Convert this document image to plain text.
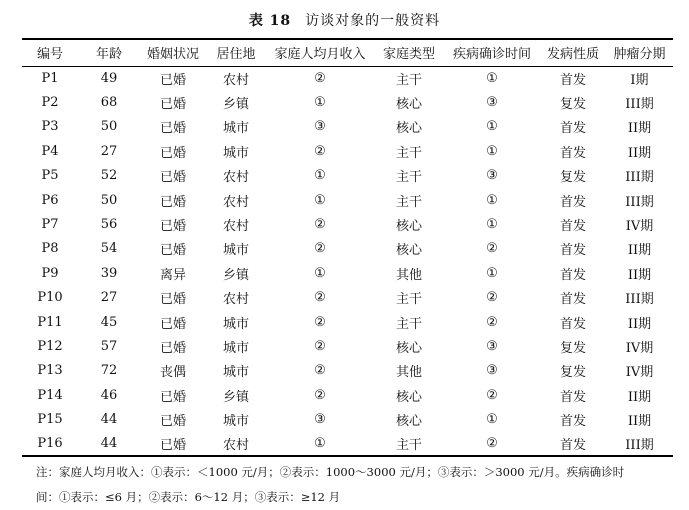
表 18 访谈对象的一般资料
编号	年龄	婚姻状况	居住地	家庭人均月收入	家庭类型	疾病确诊时间	发病性质	肿瘤分期
P1	49	已婚	农村	②	主干	①	首发	I期
P2	68	已婚	乡镇	①	核心	③	复发	III期
P3	50	已婚	城市	③	核心	①	首发	II期
P4	27	已婚	城市	②	主干	①	首发	II期
P5	52	已婚	农村	①	主干	③	复发	III期
P6	50	已婚	农村	①	主干	①	首发	III期
P7	56	已婚	农村	②	核心	①	首发	IV期
P8	54	已婚	城市	②	核心	②	首发	II期
P9	39	离异	乡镇	①	其他	①	首发	II期
P10	27	已婚	农村	②	主干	②	首发	III期
P11	45	已婚	城市	②	主干	②	首发	II期
P12	57	已婚	城市	②	核心	③	复发	IV期
P13	72	丧偶	城市	②	其他	③	复发	IV期
P14	46	已婚	乡镇	②	核心	②	首发	II期
P15	44	已婚	城市	③	核心	①	首发	II期
P16	44	已婚	农村	①	主干	②	首发	III期
注：家庭人均月收入：①表示：＜1000 元/月；②表示：1000～3000 元/月；③表示：＞3000 元/月。疾病确诊时
间：①表示：≤6 月；②表示：6～12 月；③表示：≥12 月
